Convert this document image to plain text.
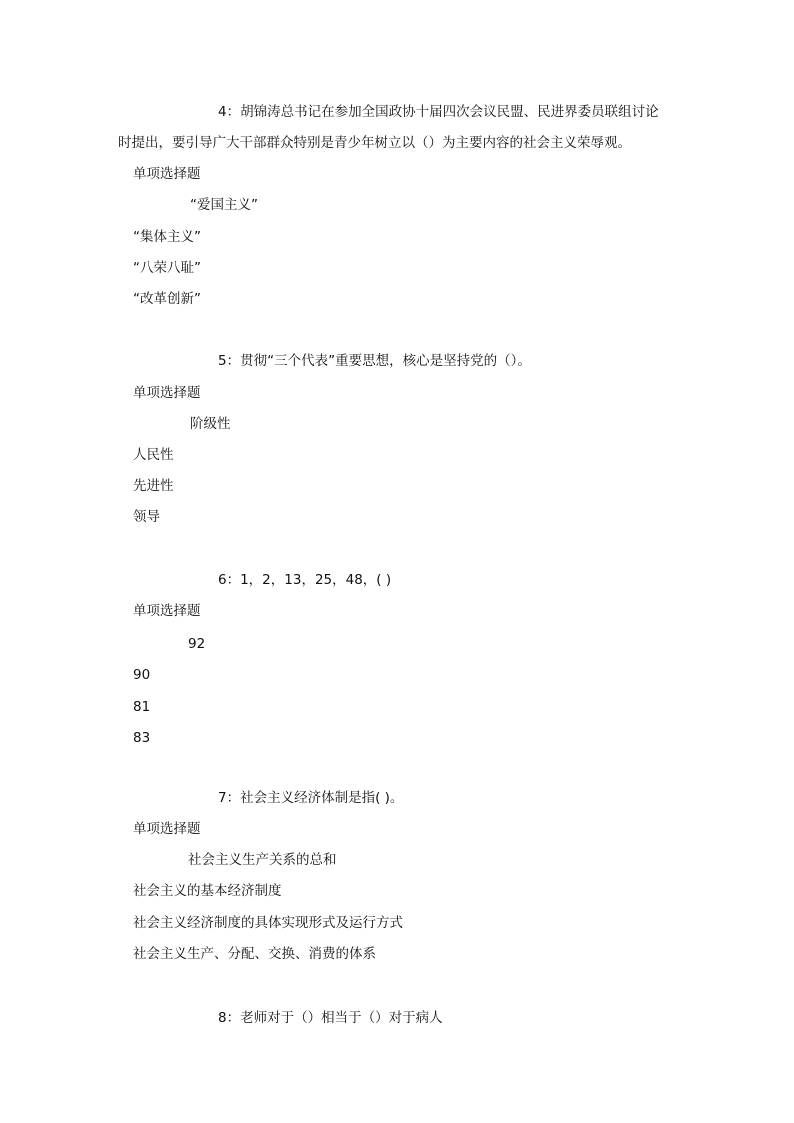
4：胡锦涛总书记在参加全国政协十届四次会议民盟、民进界委员联组讨论
时提出，要引导广大干部群众特别是青少年树立以（）为主要内容的社会主义荣辱观。
单项选择题
“爱国主义”
“集体主义”
“八荣八耻”
“改革创新”
5：贯彻“三个代表”重要思想，核心是坚持党的（）。
单项选择题
阶级性
人民性
先进性
领导
6：1，2，13，25，48，( )
单项选择题
92
90
81
83
7：社会主义经济体制是指( )。
单项选择题
社会主义生产关系的总和
社会主义的基本经济制度
社会主义经济制度的具体实现形式及运行方式
社会主义生产、分配、交换、消费的体系
8：老师对于（）相当于（）对于病人
